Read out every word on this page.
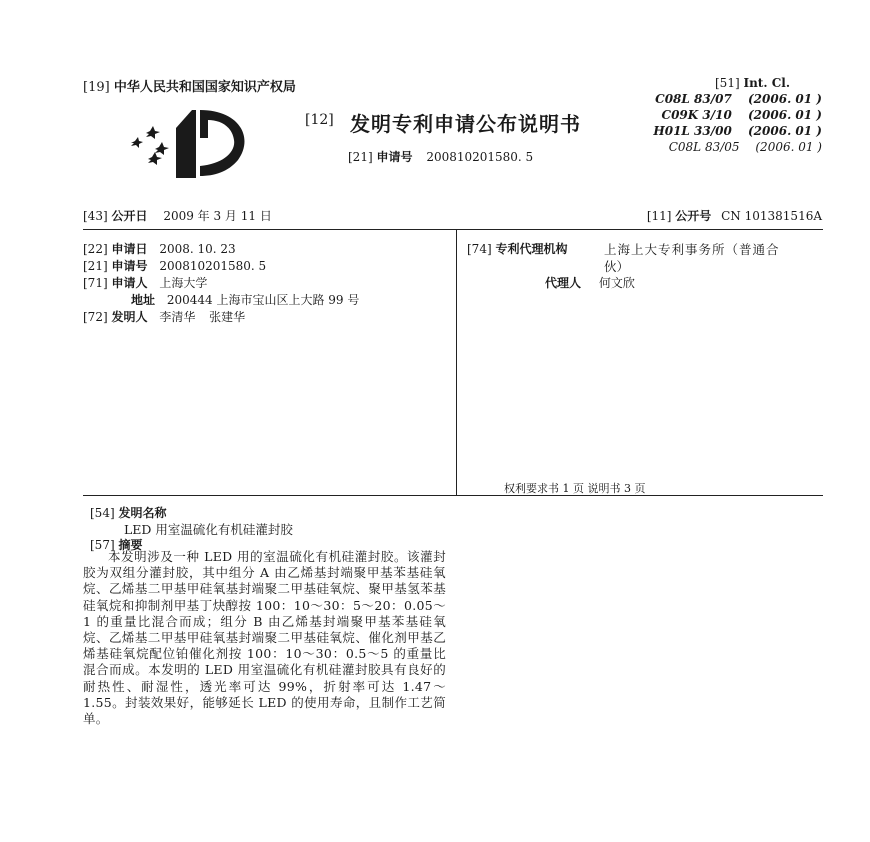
[19] 中华人民共和国国家知识产权局
[12] 发明专利申请公布说明书
[21] 申请号 200810201580. 5
[51] Int. Cl.
C08L 83/07 (2006. 01 )
C09K 3/10 (2006. 01 )
H01L 33/00 (2006. 01 )
C08L 83/05 (2006. 01 )
[43] 公开日 2009 年 3 月 11 日	[11] 公开号 CN 101381516A
[22] 申请日 2008. 10. 23
[21] 申请号 200810201580. 5
[71] 申请人 上海大学
地址 200444 上海市宝山区上大路 99 号
[72] 发明人 李清华 张建华
[74] 专利代理机构	上海上大专利事务所（普通合
伙）
代理人 何文欣
权利要求书 1 页 说明书 3 页
[54] 发明名称
LED 用室温硫化有机硅灌封胶
[57] 摘要

本发明涉及一种 LED 用的室温硫化有机硅灌封胶。该灌封胶为双组分灌封胶，其中组分 A 由乙烯基封端聚甲基苯基硅氧烷、乙烯基二甲基甲硅氧基封端聚二甲基硅氧烷、聚甲基氢苯基硅氧烷和抑制剂甲基丁炔醇按 100：10～30：5～20：0.05～1 的重量比混合而成；组分 B 由乙烯基封端聚甲基苯基硅氧烷、乙烯基二甲基甲硅氧基封端聚二甲基硅氧烷、催化剂甲基乙烯基硅氧烷配位铂催化剂按 100：10～30：0.5～5 的重量比混合而成。本发明的 LED 用室温硫化有机硅灌封胶具有良好的耐热性、耐湿性，透光率可达 99%，折射率可达 1.47～1.55。封装效果好，能够延长 LED 的使用寿命，且制作工艺简单。
